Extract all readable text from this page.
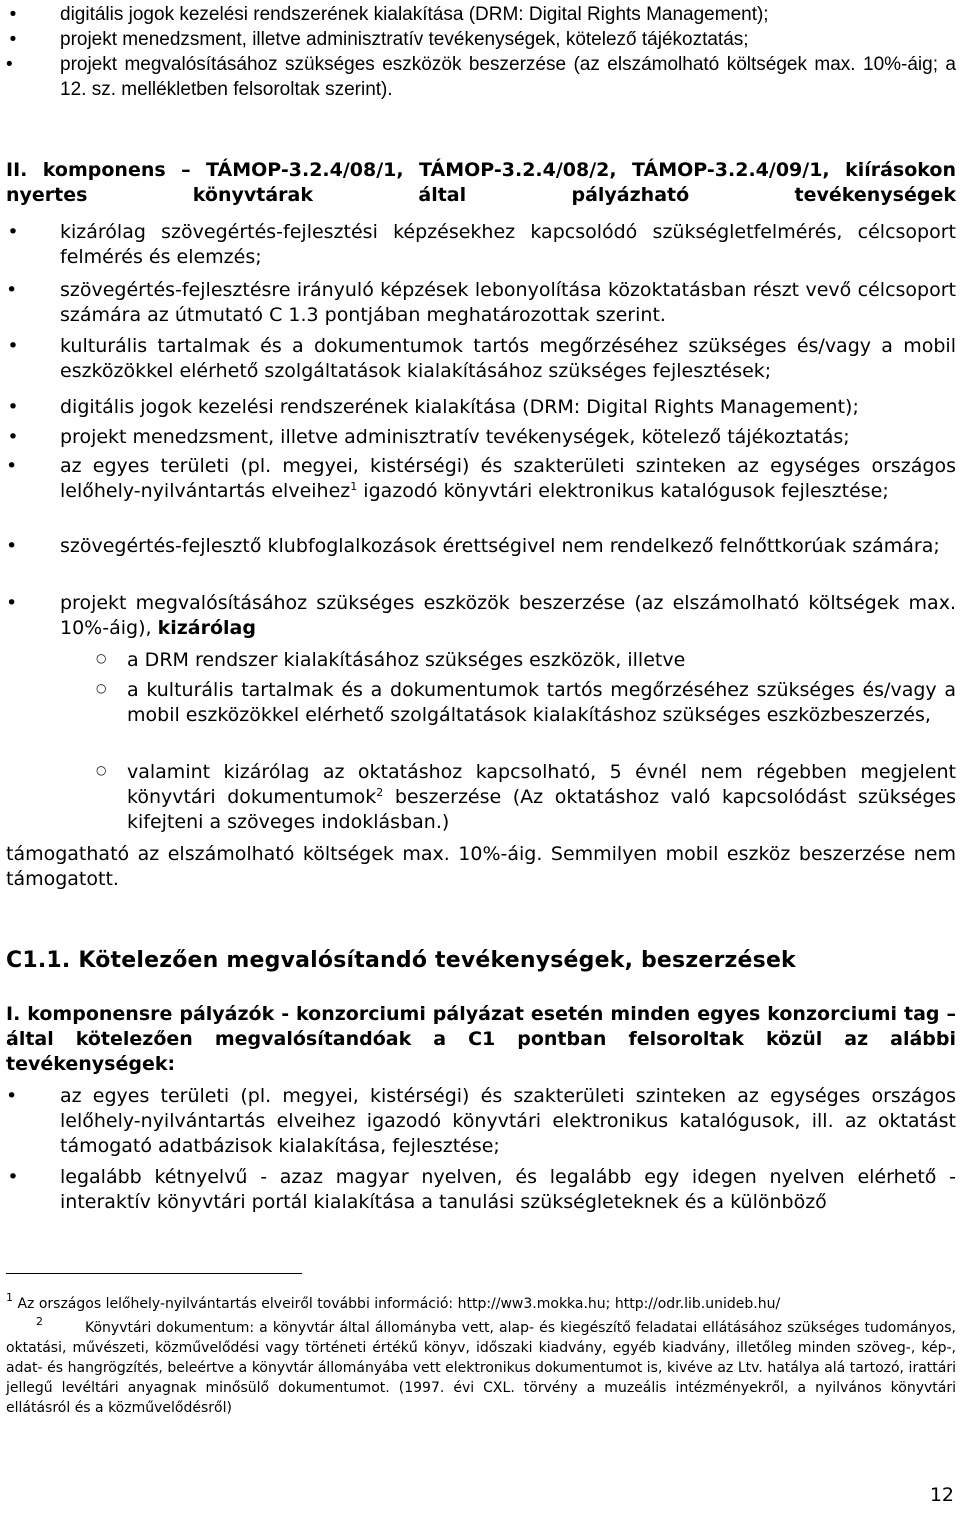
• digitális jogok kezelési rendszerének kialakítása (DRM: Digital Rights Management);
• projekt menedzsment, illetve adminisztratív tevékenységek, kötelező tájékoztatás;
•	projekt megvalósításához szükséges eszközök beszerzése (az elszámolható költségek max. 10%-áig; a 12. sz. mellékletben felsoroltak szerint).
II. komponens – TÁMOP-3.2.4/08/1, TÁMOP-3.2.4/08/2, TÁMOP-3.2.4/09/1, kiírásokon nyertes könyvtárak által pályázható tevékenységek
• kizárólag szövegértés-fejlesztési képzésekhez kapcsolódó szükségletfelmérés, célcsoport felmérés és elemzés;
• szövegértés-fejlesztésre irányuló képzések lebonyolítása közoktatásban részt vevő célcsoport számára az útmutató C 1.3 pontjában meghatározottak szerint.
• kulturális tartalmak és a dokumentumok tartós megőrzéséhez szükséges és/vagy a mobil eszközökkel elérhető szolgáltatások kialakításához szükséges fejlesztések;
• digitális jogok kezelési rendszerének kialakítása (DRM: Digital Rights Management);
• projekt menedzsment, illetve adminisztratív tevékenységek, kötelező tájékoztatás;
• az egyes területi (pl. megyei, kistérségi) és szakterületi szinteken az egységes országos lelőhely-nyilvántartás elveihez$^1$ igazodó könyvtári elektronikus katalógusok fejlesztése;
• szövegértés-fejlesztő klubfoglalkozások érettségivel nem rendelkező felnőttkorúak számára;
• projekt megvalósításához szükséges eszközök beszerzése (az elszámolható költségek max. 10%-áig), kizárólag
○ a DRM rendszer kialakításához szükséges eszközök, illetve
○ a kulturális tartalmak és a dokumentumok tartós megőrzéséhez szükséges és/vagy a mobil eszközökkel elérhető szolgáltatások kialakításhoz szükséges eszközbeszerzés,
○ valamint kizárólag az oktatáshoz kapcsolható, 5 évnél nem régebben megjelent könyvtári dokumentumok$^2$ beszerzése (Az oktatáshoz való kapcsolódást szükséges kifejteni a szöveges indoklásban.)
támogatható az elszámolható költségek max. 10%-áig. Semmilyen mobil eszköz beszerzése nem támogatott.
C1.1. Kötelezően megvalósítandó tevékenységek, beszerzések
I. komponensre pályázók - konzorciumi pályázat esetén minden egyes konzorciumi tag – által kötelezően megvalósítandóak a C1 pontban felsoroltak közül az alábbi tevékenységek:
• az egyes területi (pl. megyei, kistérségi) és szakterületi szinteken az egységes országos lelőhely-nyilvántartás elveihez igazodó könyvtári elektronikus katalógusok, ill. az oktatást támogató adatbázisok kialakítása, fejlesztése;
• legalább kétnyelvű - azaz magyar nyelven, és legalább egy idegen nyelven elérhető - interaktív könyvtári portál kialakítása a tanulási szükségleteknek és a különböző
$^1$ Az országos lelőhely-nyilvántartás elveiről további információ: http://ww3.mokka.hu; http://odr.lib.unideb.hu/
$^2$	Könyvtári dokumentum: a könyvtár által állományba vett, alap- és kiegészítő feladatai ellátásához szükséges tudományos, oktatási, művészeti, közművelődési vagy történeti értékű könyv, időszaki kiadvány, egyéb kiadvány, illetőleg minden szöveg-, kép-, adat- és hangrögzítés, beleértve a könyvtár állományába vett elektronikus dokumentumot is, kivéve az Ltv. hatálya alá tartozó, irattári jellegű levéltári anyagnak minősülő dokumentumot. (1997. évi CXL. törvény a muzeális intézményekről, a nyilvános könyvtári ellátásról és a közművelődésről)
12
